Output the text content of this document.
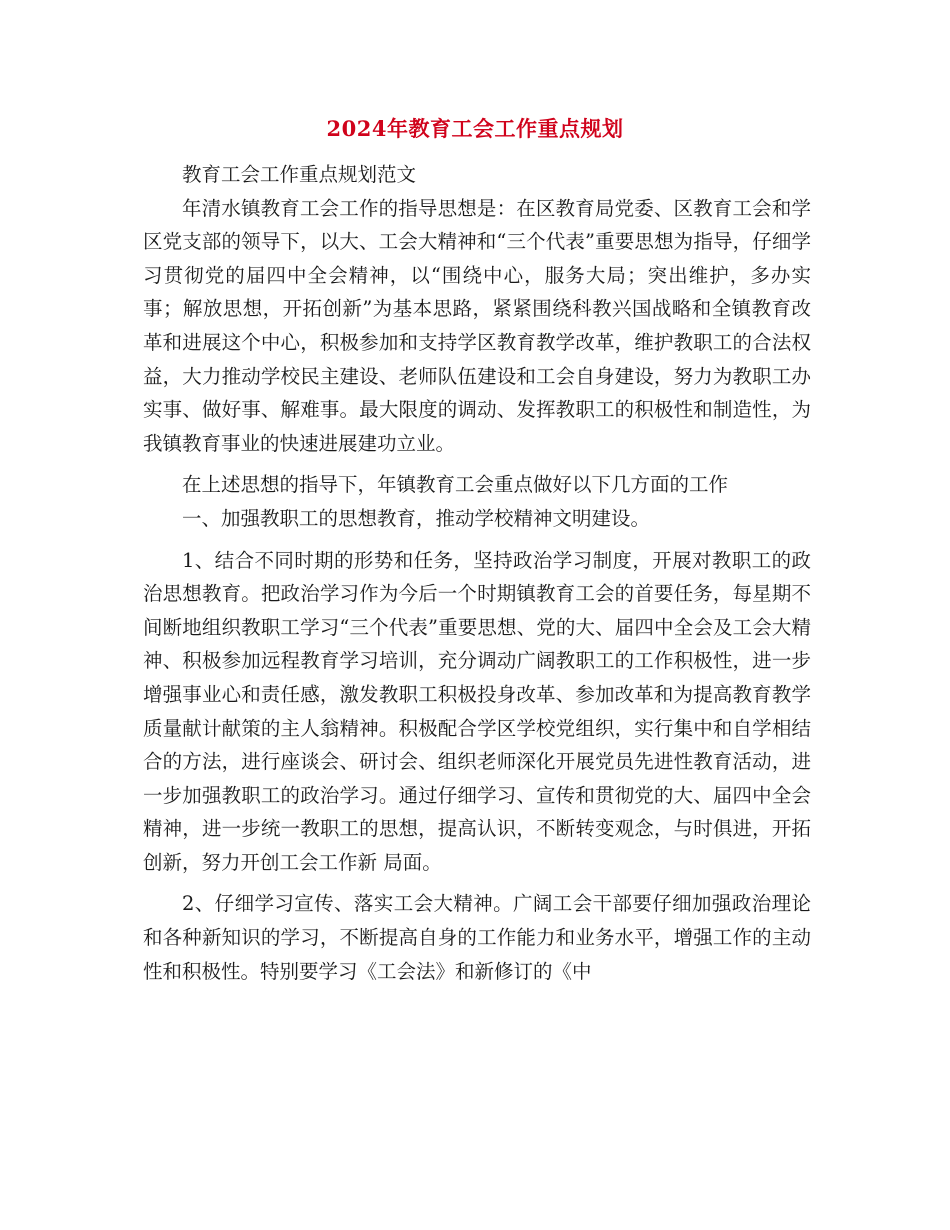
2024年教育工会工作重点规划

教育工会工作重点规划范文

年清水镇教育工会工作的指导思想是：在区教育局党委、区教育工会和学区党支部的领导下，以大、工会大精神和“三个代表”重要思想为指导，仔细学习贯彻党的届四中全会精神，以“围绕中心，服务大局；突出维护，多办实事；解放思想，开拓创新”为基本思路，紧紧围绕科教兴国战略和全镇教育改革和进展这个中心，积极参加和支持学区教育教学改革，维护教职工的合法权益，大力推动学校民主建设、老师队伍建设和工会自身建设，努力为教职工办实事、做好事、解难事。最大限度的调动、发挥教职工的积极性和制造性，为我镇教育事业的快速进展建功立业。

在上述思想的指导下，年镇教育工会重点做好以下几方面的工作

一、加强教职工的思想教育，推动学校精神文明建设。

1、结合不同时期的形势和任务，坚持政治学习制度，开展对教职工的政治思想教育。把政治学习作为今后一个时期镇教育工会的首要任务，每星期不间断地组织教职工学习“三个代表”重要思想、党的大、届四中全会及工会大精神、积极参加远程教育学习培训，充分调动广阔教职工的工作积极性，进一步增强事业心和责任感，激发教职工积极投身改革、参加改革和为提高教育教学质量献计献策的主人翁精神。积极配合学区学校党组织，实行集中和自学相结合的方法，进行座谈会、研讨会、组织老师深化开展党员先进性教育活动，进一步加强教职工的政治学习。通过仔细学习、宣传和贯彻党的大、届四中全会精神，进一步统一教职工的思想，提高认识，不断转变观念，与时俱进，开拓创新，努力开创工会工作新 局面。

2、仔细学习宣传、落实工会大精神。广阔工会干部要仔细加强政治理论和各种新知识的学习，不断提高自身的工作能力和业务水平，增强工作的主动性和积极性。特别要学习《工会法》和新修订的《中
